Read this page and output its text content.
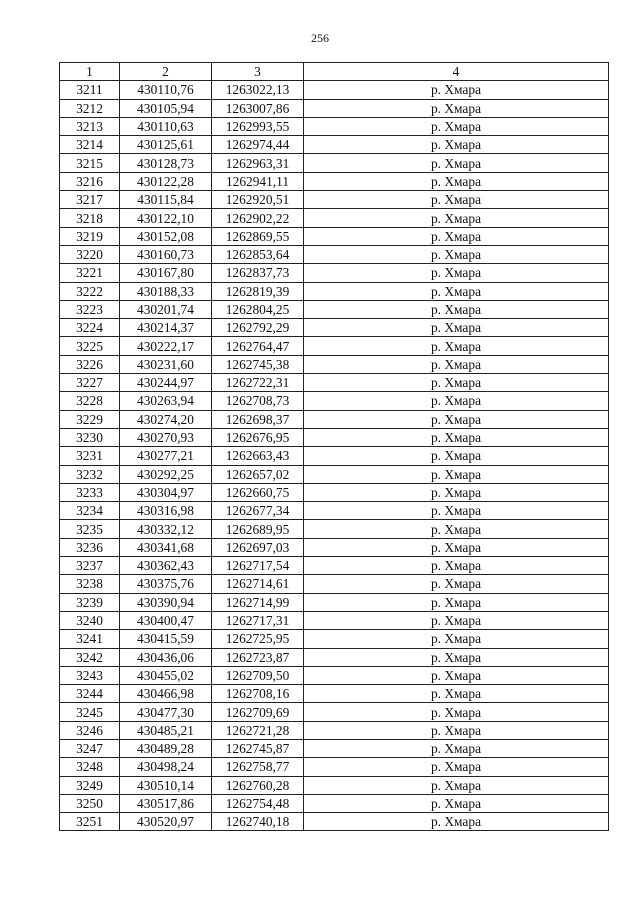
256
1	2	3	4
3211	430110,76	1263022,13	р. Хмара
3212	430105,94	1263007,86	р. Хмара
3213	430110,63	1262993,55	р. Хмара
3214	430125,61	1262974,44	р. Хмара
3215	430128,73	1262963,31	р. Хмара
3216	430122,28	1262941,11	р. Хмара
3217	430115,84	1262920,51	р. Хмара
3218	430122,10	1262902,22	р. Хмара
3219	430152,08	1262869,55	р. Хмара
3220	430160,73	1262853,64	р. Хмара
3221	430167,80	1262837,73	р. Хмара
3222	430188,33	1262819,39	р. Хмара
3223	430201,74	1262804,25	р. Хмара
3224	430214,37	1262792,29	р. Хмара
3225	430222,17	1262764,47	р. Хмара
3226	430231,60	1262745,38	р. Хмара
3227	430244,97	1262722,31	р. Хмара
3228	430263,94	1262708,73	р. Хмара
3229	430274,20	1262698,37	р. Хмара
3230	430270,93	1262676,95	р. Хмара
3231	430277,21	1262663,43	р. Хмара
3232	430292,25	1262657,02	р. Хмара
3233	430304,97	1262660,75	р. Хмара
3234	430316,98	1262677,34	р. Хмара
3235	430332,12	1262689,95	р. Хмара
3236	430341,68	1262697,03	р. Хмара
3237	430362,43	1262717,54	р. Хмара
3238	430375,76	1262714,61	р. Хмара
3239	430390,94	1262714,99	р. Хмара
3240	430400,47	1262717,31	р. Хмара
3241	430415,59	1262725,95	р. Хмара
3242	430436,06	1262723,87	р. Хмара
3243	430455,02	1262709,50	р. Хмара
3244	430466,98	1262708,16	р. Хмара
3245	430477,30	1262709,69	р. Хмара
3246	430485,21	1262721,28	р. Хмара
3247	430489,28	1262745,87	р. Хмара
3248	430498,24	1262758,77	р. Хмара
3249	430510,14	1262760,28	р. Хмара
3250	430517,86	1262754,48	р. Хмара
3251	430520,97	1262740,18	р. Хмара
